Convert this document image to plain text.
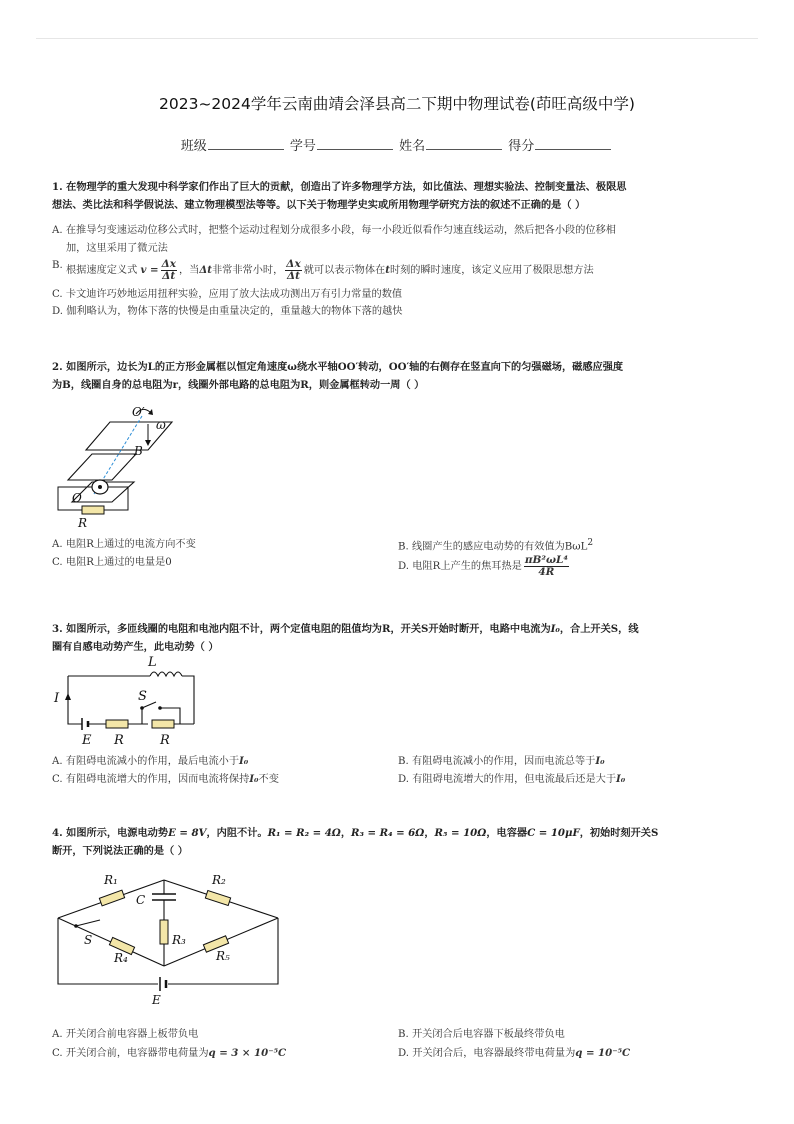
2023~2024学年云南曲靖会泽县高二下期中物理试卷(茚旺高级中学)
班级	学号	姓名	得分
1. 在物理学的重大发现中科学家们作出了巨大的贡献，创造出了许多物理学方法，如比值法、理想实验法、控制变量法、极限思
想法、类比法和科学假说法、建立物理模型法等等。以下关于物理学史实或所用物理学研究方法的叙述不正确的是（ ）
A. 在推导匀变速运动位移公式时，把整个运动过程划分成很多小段，每一小段近似看作匀速直线运动，然后把各小段的位移相
加，这里采用了微元法
B. 根据速度定义式 $v = \frac{\Delta x}{\Delta t}$ ，当Δt非常非常小时， $\frac{\Delta x}{\Delta t}$ 就可以表示物体在t时刻的瞬时速度，该定义应用了极限思想方法
C. 卡文迪许巧妙地运用扭秤实验，应用了放大法成功测出万有引力常量的数值
D. 伽利略认为，物体下落的快慢是由重量决定的，重量越大的物体下落的越快
2. 如图所示，边长为L的正方形金属框以恒定角速度ω绕水平轴OO′转动，OO′轴的右侧存在竖直向下的匀强磁场，磁感应强度
为B，线圈自身的总电阻为r，线圈外部电路的总电阻为R，则金属框转动一周（ ）
O′
ω
B
O
R
A. 电阻R上通过的电流方向不变	B. 线圈产生的感应电动势的有效值为BωL$^2$
C. 电阻R上通过的电量是0	D. 电阻R上产生的焦耳热是 $\frac{\text{πB²ωL⁴}}{4R}$
3. 如图所示，多匝线圈的电阻和电池内阻不计，两个定值电阻的阻值均为R，开关S开始时断开，电路中电流为I₀，合上开关S，线
圈有自感电动势产生，此电动势（ ）
L
S
I
E R	R
A. 有阻碍电流减小的作用，最后电流小于I₀	B. 有阻碍电流减小的作用，因而电流总等于I₀
C. 有阻碍电流增大的作用，因而电流将保持I₀不变	D. 有阻碍电流增大的作用，但电流最后还是大于I₀
4. 如图所示，电源电动势E = 8V，内阻不计。R₁ = R₂ = 4Ω，R₃ = R₄ = 6Ω，R₅ = 10Ω，电容器C = 10μF，初始时刻开关S
断开，下列说法正确的是（ ）
R₁	R₂
C
R₃
S
R₄	R₅
E
A. 开关闭合前电容器上板带负电	B. 开关闭合后电容器下板最终带负电
C. 开关闭合前，电容器带电荷量为q = 3 × 10⁻⁵C	D. 开关闭合后，电容器最终带电荷量为q = 10⁻⁵C
